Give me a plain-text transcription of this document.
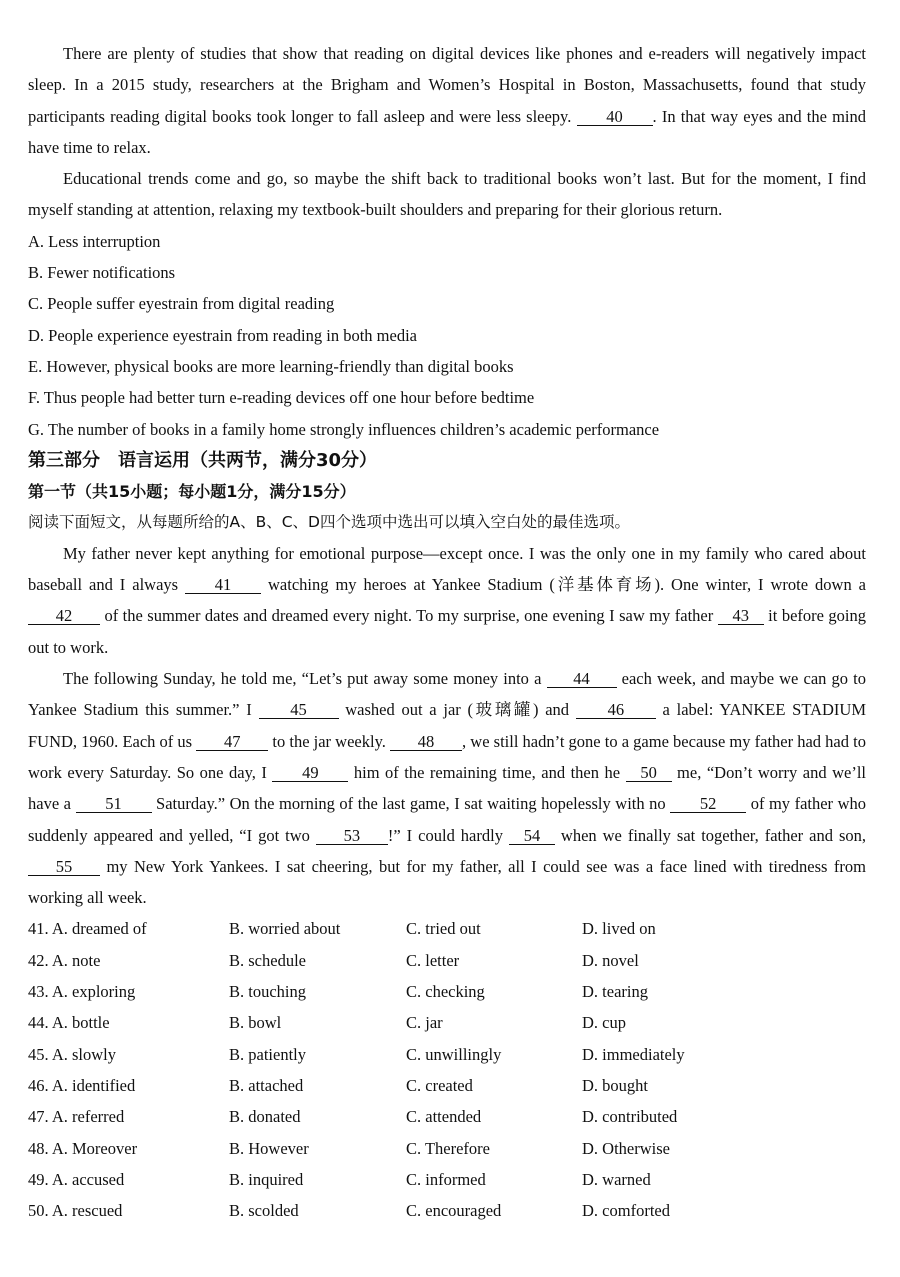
There are plenty of studies that show that reading on digital devices like phones and e-readers will negatively impact sleep. In a 2015 study, researchers at the Brigham and Women’s Hospital in Boston, Massachusetts, found that study participants reading digital books took longer to fall asleep and were less sleepy. 40 . In that way eyes and the mind have time to relax.

Educational trends come and go, so maybe the shift back to traditional books won’t last. But for the moment, I find myself standing at attention, relaxing my textbook-built shoulders and preparing for their glorious return.

A. Less interruption

B. Fewer notifications

C. People suffer eyestrain from digital reading

D. People experience eyestrain from reading in both media

E. However, physical books are more learning-friendly than digital books

F. Thus people had better turn e-reading devices off one hour before bedtime

G. The number of books in a family home strongly influences children’s academic performance

第三部分　语言运用（共两节，满分30分）

第一节（共15小题；每小题1分，满分15分）

阅读下面短文，从每题所给的A、B、C、D四个选项中选出可以填入空白处的最佳选项。

My father never kept anything for emotional purpose—except once. I was the only one in my family who cared about baseball and I always 41 watching my heroes at Yankee Stadium (洋基体育场). One winter, I wrote down a 42 of the summer dates and dreamed every night. To my surprise, one evening I saw my father 43 it before going out to work.

The following Sunday, he told me, “Let’s put away some money into a 44 each week, and maybe we can go to Yankee Stadium this summer.” I 45 washed out a jar (玻璃罐) and 46 a label: YANKEE STADIUM FUND, 1960. Each of us 47 to the jar weekly. 48 , we still hadn’t gone to a game because my father had had to work every Saturday. So one day, I 49 him of the remaining time, and then he 50 me, “Don’t worry and we’ll have a 51 Saturday.” On the morning of the last game, I sat waiting hopelessly with no 52 of my father who suddenly appeared and yelled, “I got two 53 !” I could hardly 54 when we finally sat together, father and son, 55 my New York Yankees. I sat cheering, but for my father, all I could see was a face lined with tiredness from working all week.

41. A. dreamed of	B. worried about	C. tried out	D. lived on
42. A. note	B. schedule	C. letter	D. novel
43. A. exploring	B. touching	C. checking	D. tearing
44. A. bottle	B. bowl	C. jar	D. cup
45. A. slowly	B. patiently	C. unwillingly	D. immediately
46. A. identified	B. attached	C. created	D. bought
47. A. referred	B. donated	C. attended	D. contributed
48. A. Moreover	B. However	C. Therefore	D. Otherwise
49. A. accused	B. inquired	C. informed	D. warned
50. A. rescued	B. scolded	C. encouraged	D. comforted
